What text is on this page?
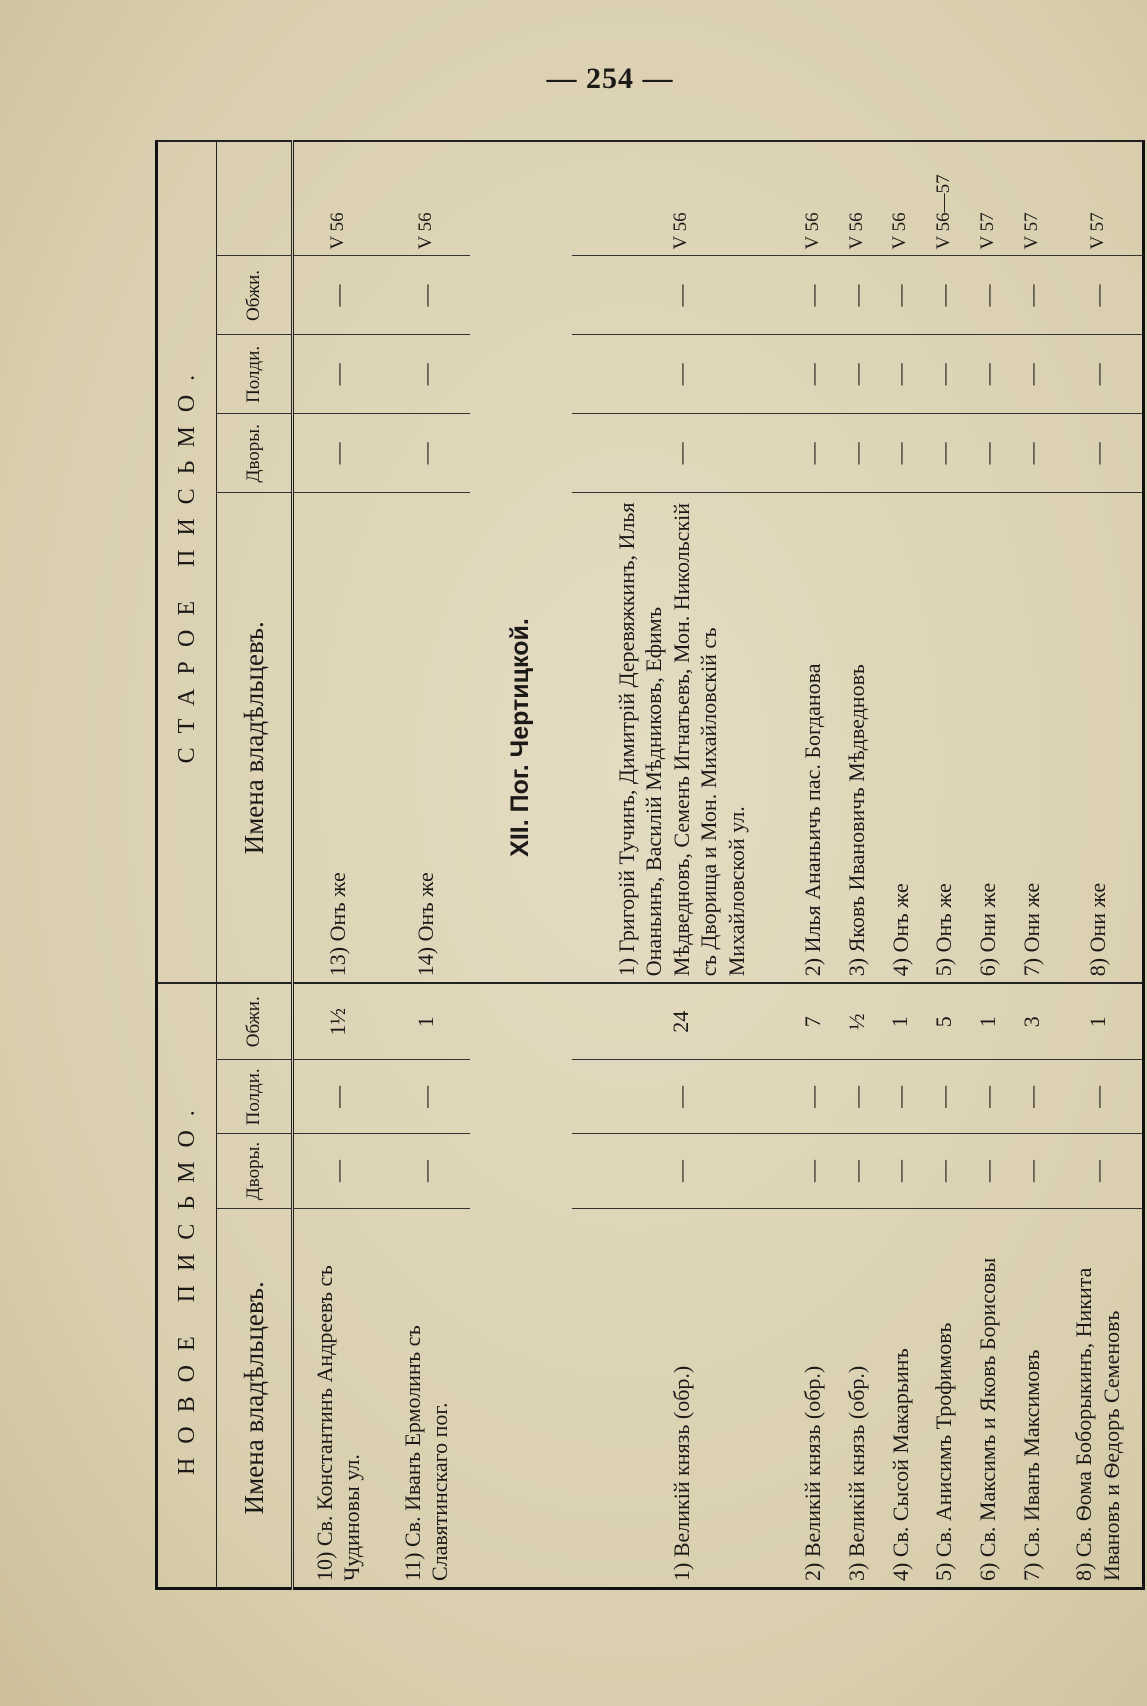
— 254 —
НОВОЕ ПИСЬМО.				СТАРОЕ ПИСЬМО.				
Имена владѣльцевъ.	Дворы.	Полди.	Обжи.	Имена владѣльцевъ.	Дворы.	Полди.	Обжи.	
10) Св. Константинъ Андреевъ съ Чудиновы ул.	—	—	1½	13) Онъ же	—	—	—	V 56
11) Св. Иванъ Ермолинъ съ Славятинскаго пог.	—	—	1	14) Онъ же	—	—	—	V 56
				XII. Пог. Чертицкой.				
1) Великій князь (обр.)	—	—	24	1) Григорій Тучинъ, Димитрій Деревяжкинъ, Илья Онаньинъ, Василій Мѣдниковъ, Ефимъ Мѣдведновъ, Семенъ Игнатьевъ, Мон. Никольскій съ Дворища и Мон. Михайловскій съ Михайловской ул.	—	—	—	V 56
2) Великій князь (обр.)	—	—	7	2) Илья Ананьичъ пас. Богданова	—	—	—	V 56
3) Великій князь (обр.)	—	—	½	3) Яковъ Ивановичъ Мѣдведновъ	—	—	—	V 56
4) Св. Сысой Макарьинъ	—	—	1	4) Онъ же	—	—	—	V 56
5) Св. Анисимъ Трофимовъ	—	—	5	5) Онъ же	—	—	—	V 56—57
6) Св. Максимъ и Яковъ Борисовы	—	—	1	6) Они же	—	—	—	V 57
7) Св. Иванъ Максимовъ	—	—	3	7) Они же	—	—	—	V 57
8) Св. Ѳома Боборыкинъ, Никита Ивановъ и Ѳедоръ Семеновъ	—	—	1	8) Они же	—	—	—	V 57
